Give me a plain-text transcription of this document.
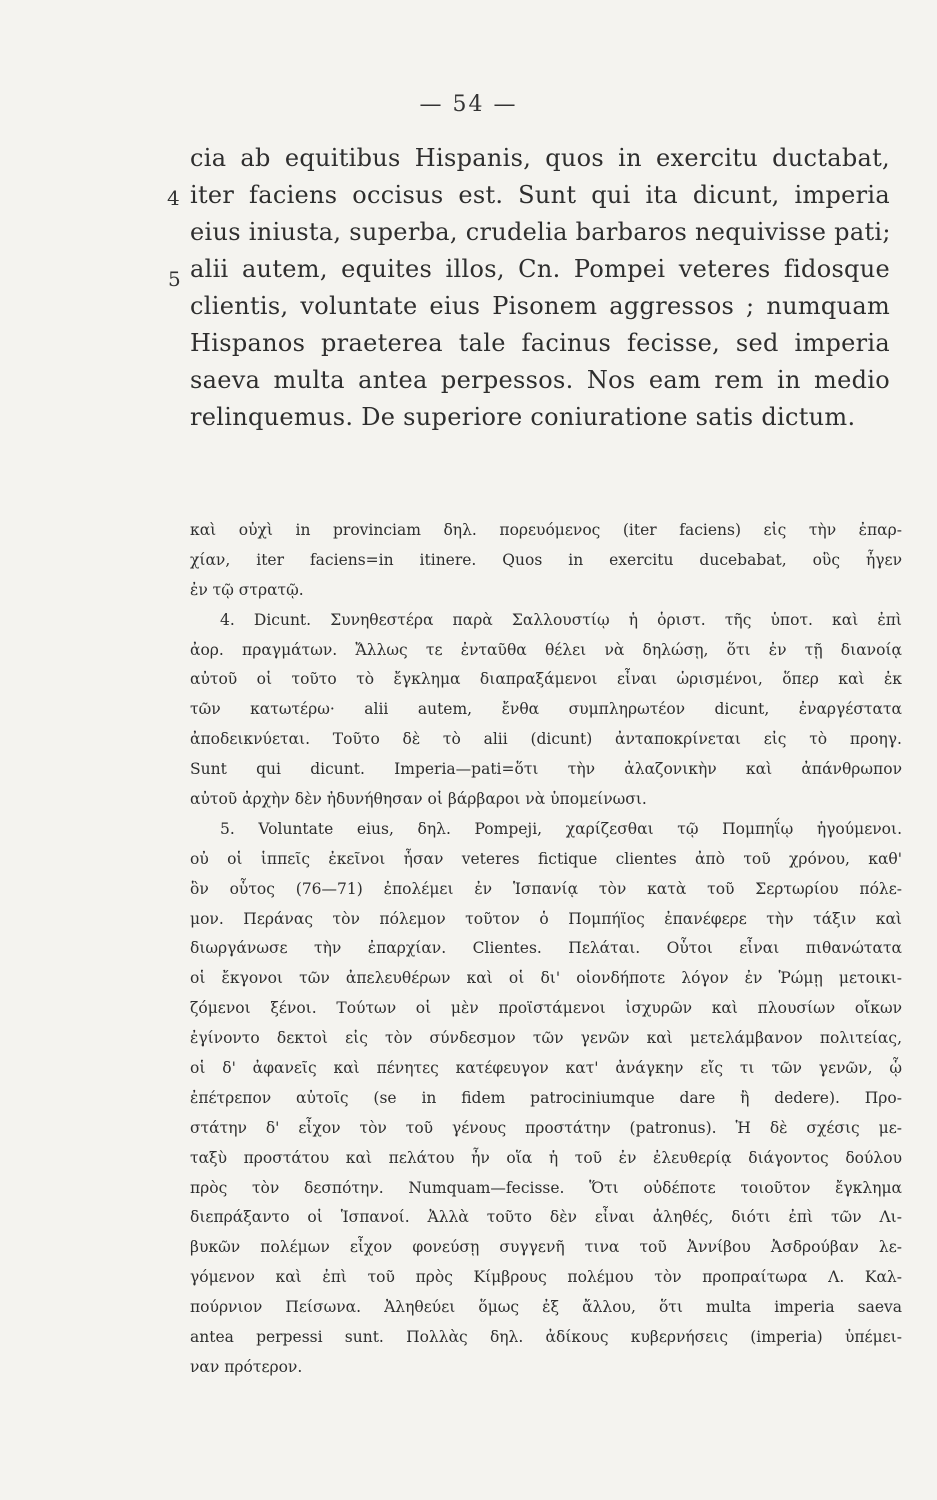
— 54 —
4
5
cia ab equitibus Hispanis, quos in exercitu ductabat,
iter faciens occisus est. Sunt qui ita dicunt, imperia
eius iniusta, superba, crudelia barbaros nequivisse pati;
alii autem, equites illos, Cn. Pompei veteres fidosque
clientis, voluntate eius Pisonem aggressos ; numquam
Hispanos praeterea tale facinus fecisse, sed imperia
saeva multa antea perpessos. Nos eam rem in medio
relinquemus. De superiore coniuratione satis dictum.
καὶ οὐχὶ in provinciam δηλ. πορευόμενος (iter faciens) εἰς τὴν ἐπαρ-
χίαν, iter faciens=in itinere. Quos in exercitu ducebabat, οὓς ἦγεν
ἐν τῷ στρατῷ.
4. Dicunt. Συνηθεστέρα παρὰ Σαλλουστίῳ ἡ ὁριστ. τῆς ὑποτ. καὶ ἐπὶ
ἀορ. πραγμάτων. Ἄλλως τε ἐνταῦθα θέλει νὰ δηλώσῃ, ὅτι ἐν τῇ διανοίᾳ
αὐτοῦ οἱ τοῦτο τὸ ἔγκλημα διαπραξάμενοι εἶναι ὡρισμένοι, ὅπερ καὶ ἐκ
τῶν κατωτέρω· alii autem, ἔνθα συμπληρωτέον dicunt, ἐναργέστατα
ἀποδεικνύεται. Τοῦτο δὲ τὸ alii (dicunt) ἀνταποκρίνεται εἰς τὸ προηγ.
Sunt qui dicunt. Imperia—pati=ὅτι τὴν ἀλαζονικὴν καὶ ἀπάνθρωπον
αὐτοῦ ἀρχὴν δὲν ἠδυνήθησαν οἱ βάρβαροι νὰ ὑπομείνωσι.
5. Voluntate eius, δηλ. Pompeji, χαρίζεσθαι τῷ Πομπηΐῳ ἡγούμενοι.
οὐ οἱ ἱππεῖς ἐκεῖνοι ἦσαν veteres fictique clientes ἀπὸ τοῦ χρόνου, καθ'
ὃν οὗτος (76—71) ἐπολέμει ἐν Ἱσπανίᾳ τὸν κατὰ τοῦ Σερτωρίου πόλε-
μον. Περάνας τὸν πόλεμον τοῦτον ὁ Πομπήϊος ἐπανέφερε τὴν τάξιν καὶ
διωργάνωσε τὴν ἐπαρχίαν. Clientes. Πελάται. Οὗτοι εἶναι πιθανώτατα
οἱ ἔκγονοι τῶν ἀπελευθέρων καὶ οἱ δι' οἱονδήποτε λόγον ἐν Ῥώμῃ μετοικι-
ζόμενοι ξένοι. Τούτων οἱ μὲν προϊστάμενοι ἰσχυρῶν καὶ πλουσίων οἴκων
ἐγίνοντο δεκτοὶ εἰς τὸν σύνδεσμον τῶν γενῶν καὶ μετελάμβανον πολιτείας,
οἱ δ' ἀφανεῖς καὶ πένητες κατέφευγον κατ' ἀνάγκην εἴς τι τῶν γενῶν, ᾧ
ἐπέτρεπον αὐτοῖς (se in fidem patrociniumque dare ἢ dedere). Προ-
στάτην δ' εἶχον τὸν τοῦ γένους προστάτην (patronus). Ἡ δὲ σχέσις με-
ταξὺ προστάτου καὶ πελάτου ἦν οἵα ἡ τοῦ ἐν ἐλευθερίᾳ διάγοντος δούλου
πρὸς τὸν δεσπότην. Numquam—fecisse. Ὅτι οὐδέποτε τοιοῦτον ἔγκλημα
διεπράξαντο οἱ Ἱσπανοί. Ἀλλὰ τοῦτο δὲν εἶναι ἀληθές, διότι ἐπὶ τῶν Λι-
βυκῶν πολέμων εἶχον φονεύσῃ συγγενῆ τινα τοῦ Ἀννίβου Ἀσδρούβαν λε-
γόμενον καὶ ἐπὶ τοῦ πρὸς Κίμβρους πολέμου τὸν προπραίτωρα Λ. Καλ-
πούρνιον Πείσωνα. Ἀληθεύει ὅμως ἐξ ἄλλου, ὅτι multa imperia saeva
antea perpessi sunt. Πολλὰς δηλ. ἀδίκους κυβερνήσεις (imperia) ὑπέμει-
ναν πρότερον.
